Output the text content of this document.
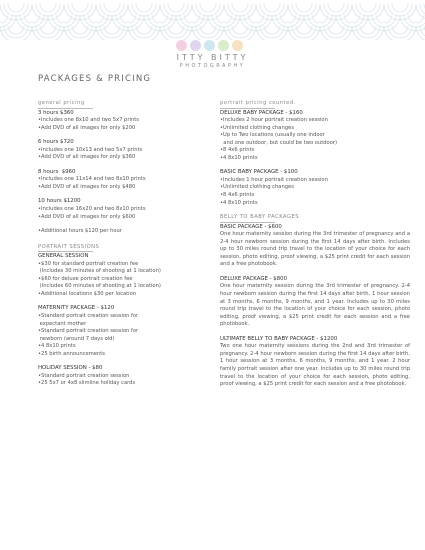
ITTY BITTY
PHOTOGRAPHY
PACKAGES & PRICING
general pricing
3 hours $360
•Includes one 8x10 and two 5x7 prints
•Add DVD of all images for only $200
6 hours $720
•Includes one 10x13 and two 5x7 prints
•Add DVD of all images for only $360
8 hours  $960
•Includes one 11x14 and two 8x10 prints
•Add DVD of all images for only $480
10 hours $1200
•Includes one 16x20 and two 8x10 prints
•Add DVD of all images for only $600
•Additional hours $120 per hour
PORTRAIT SESSIONS
GENERAL SESSION
•$30 for standard portrait creation fee
(Includes 30 minutes of shooting at 1 location)
•$60 for deluxe portrait creation fee
(Includes 60 minutes of shooting at 1 location)
•Additional locations $30 per location
MATERNITY PACKAGE - $120
•Standard portrait creation session for
expectant mother
•Standard portrait creation session for
newborn (around 7 days old)
•4 8x10 prints
•25 birth announcements
HOLIDAY SESSION - $80
•Standard portrait creation session
•25 5x7 or 4x8 slimline holiday cards
portrait pricing counted.
DELUXE BABY PACKAGE - $160
•Includes 2 hour portrait creation session
•Unlimited clothing changes
•Up to Two locations (usually one indoor
and one outdoor, but could be two outdoor)
•8 4x6 prints
•4 8x10 prints
BASIC BABY PACKAGE - $100
•Includes 1 hour portrait creation session
•Unlimited clothing changes
•8 4x6 prints
•4 8x10 prints
BELLY TO BABY PACKAGES
BASIC PACKAGE - $600
One hour maternity session during the 3rd trimester of pregnancy and a 2-4 hour newborn session during the first 14 days after birth. Includes up to 30 miles round trip travel to the location of your choice for each session, photo editing, proof viewing, a $25 print credit for each session and a free photobook.
DELUXE PACKAGE - $800
One hour maternity session during the 3rd trimester of pregnancy. 2-4 hour newborn session during the first 14 days after birth, 1 hour session at 3 months, 6 months, 9 months, and 1 year. Includes up to 30 miles round trip travel to the location of your choice for each session, photo editing, proof viewing, a $25 print credit for each session and a free photobook.
ULTIMATE BELLY TO BABY PACKAGE - $1200
Two one hour maternity sessions during the 2nd and 3rd trimester of pregnancy. 2-4 hour newborn session during the first 14 days after birth, 1 hour session at 3 months, 6 months, 9 months, and 1 year. 2 hour family portrait session after one year. Includes up to 30 miles round trip travel to the location of your choice for each session, photo editing, proof viewing, a $25 print credit for each session and a free photobook.
